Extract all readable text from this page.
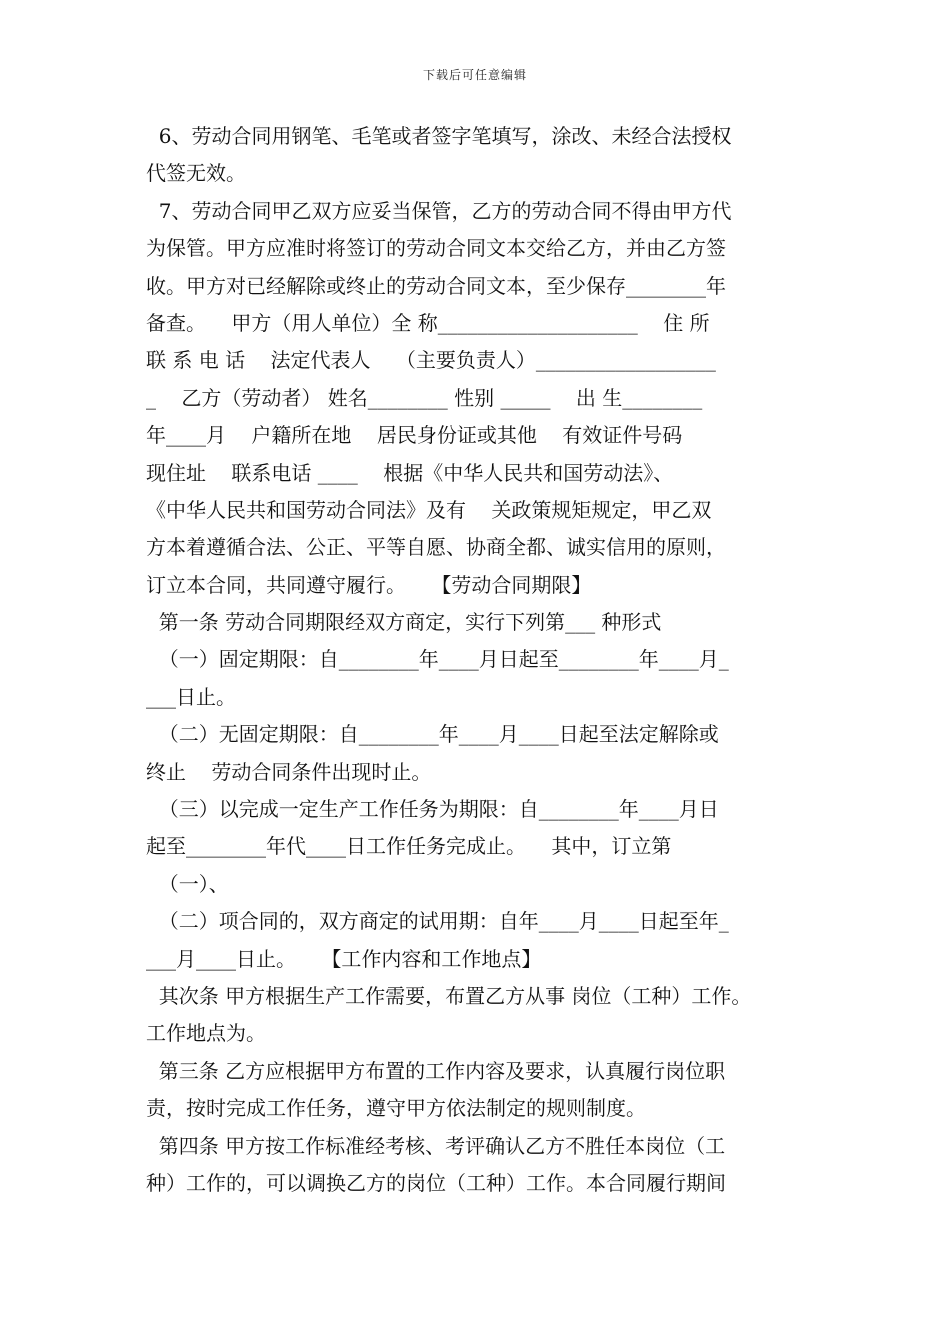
下载后可任意编辑
6、劳动合同用钢笔、毛笔或者签字笔填写，涂改、未经合法授权
代签无效。
7、劳动合同甲乙双方应妥当保管，乙方的劳动合同不得由甲方代
为保管。甲方应准时将签订的劳动合同文本交给乙方，并由乙方签
收。甲方对已经解除或终止的劳动合同文本，至少保存________年
备查。    甲方（用人单位）全 称____________________    住 所
联 系 电 话    法定代表人    （主要负责人）__________________
_    乙方（劳动者） 姓名________ 性别 _____    出 生________
年____月    户籍所在地    居民身份证或其他    有效证件号码
现住址    联系电话 ____    根据《中华人民共和国劳动法》、
《中华人民共和国劳动合同法》及有    关政策规矩规定，甲乙双
方本着遵循合法、公正、平等自愿、协商全都、诚实信用的原则，
订立本合同，共同遵守履行。    【劳动合同期限】
第一条 劳动合同期限经双方商定，实行下列第___ 种形式
（一）固定期限：自________年____月日起至________年____月_
___日止。
（二）无固定期限：自________年____月____日起至法定解除或
终止    劳动合同条件出现时止。
（三）以完成一定生产工作任务为期限：自________年____月日
起至________年代____日工作任务完成止。    其中，订立第
（一）、
（二）项合同的，双方商定的试用期：自年____月____日起至年_
___月____日止。    【工作内容和工作地点】
其次条 甲方根据生产工作需要，布置乙方从事 岗位（工种）工作。
工作地点为。
第三条 乙方应根据甲方布置的工作内容及要求，认真履行岗位职
责，按时完成工作任务，遵守甲方依法制定的规则制度。
第四条 甲方按工作标准经考核、考评确认乙方不胜任本岗位（工
种）工作的，可以调换乙方的岗位（工种）工作。本合同履行期间
